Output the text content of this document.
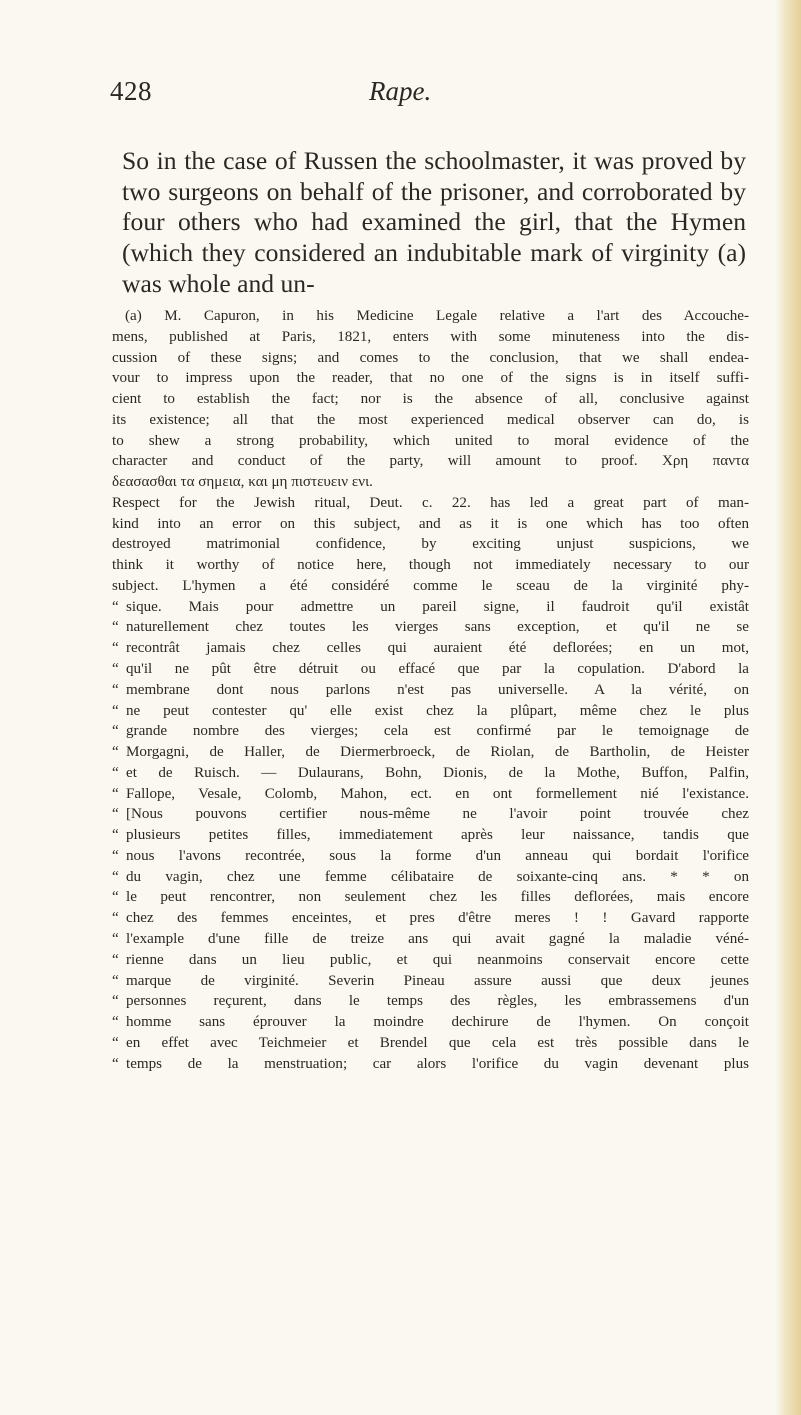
428	Rape.

So in the case of Russen the schoolmaster, it was proved by two surgeons on behalf of the prisoner, and corroborated by four others who had examined the girl, that the Hymen (which they considered an indubitable mark of virginity (a) was whole and un-

(a) M. Capuron, in his Medicine Legale relative a l'art des Accouche-
mens, published at Paris, 1821, enters with some minuteness into the dis-
cussion of these signs; and comes to the conclusion, that we shall endea-
vour to impress upon the reader, that no one of the signs is in itself suffi-
cient to establish the fact; nor is the absence of all, conclusive against
its existence; all that the most experienced medical observer can do, is
to shew a strong probability, which united to moral evidence of the
character and conduct of the party, will amount to proof. Χρη παντα
δεασασθαι τα σημεια, και μη πιστευειν ενι.
Respect for the Jewish ritual, Deut. c. 22. has led a great part of man-
kind into an error on this subject, and as it is one which has too often
destroyed matrimonial confidence, by exciting unjust suspicions, we
think it worthy of notice here, though not immediately necessary to our
subject. L'hymen a été considéré comme le sceau de la virginité phy-
“ sique. Mais pour admettre un pareil signe, il faudroit qu'il existât
“ naturellement chez toutes les vierges sans exception, et qu'il ne se
“ recontrât jamais chez celles qui auraient été deflorées; en un mot,
“ qu'il ne pût être détruit ou effacé que par la copulation. D'abord la
“ membrane dont nous parlons n'est pas universelle. A la vérité, on
“ ne peut contester qu' elle exist chez la plûpart, même chez le plus
“ grande nombre des vierges; cela est confirmé par le temoignage de
“ Morgagni, de Haller, de Diermerbroeck, de Riolan, de Bartholin, de Heister
“ et de Ruisch. — Dulaurans, Bohn, Dionis, de la Mothe, Buffon, Palfin,
“ Fallope, Vesale, Colomb, Mahon, ect. en ont formellement nié l'existance.
“ [Nous pouvons certifier nous-même ne l'avoir point trouvée chez
“ plusieurs petites filles, immediatement après leur naissance, tandis que
“ nous l'avons recontrée, sous la forme d'un anneau qui bordait l'orifice
“ du vagin, chez une femme célibataire de soixante-cinq ans. * * on
“ le peut rencontrer, non seulement chez les filles deflorées, mais encore
“ chez des femmes enceintes, et pres d'être meres ! ! Gavard rapporte
“ l'example d'une fille de treize ans qui avait gagné la maladie véné-
“ rienne dans un lieu public, et qui neanmoins conservait encore cette
“ marque de virginité. Severin Pineau assure aussi que deux jeunes
“ personnes reçurent, dans le temps des règles, les embrassemens d'un
“ homme sans éprouver la moindre dechirure de l'hymen. On conçoit
“ en effet avec Teichmeier et Brendel que cela est très possible dans le
“ temps de la menstruation; car alors l'orifice du vagin devenant plus
